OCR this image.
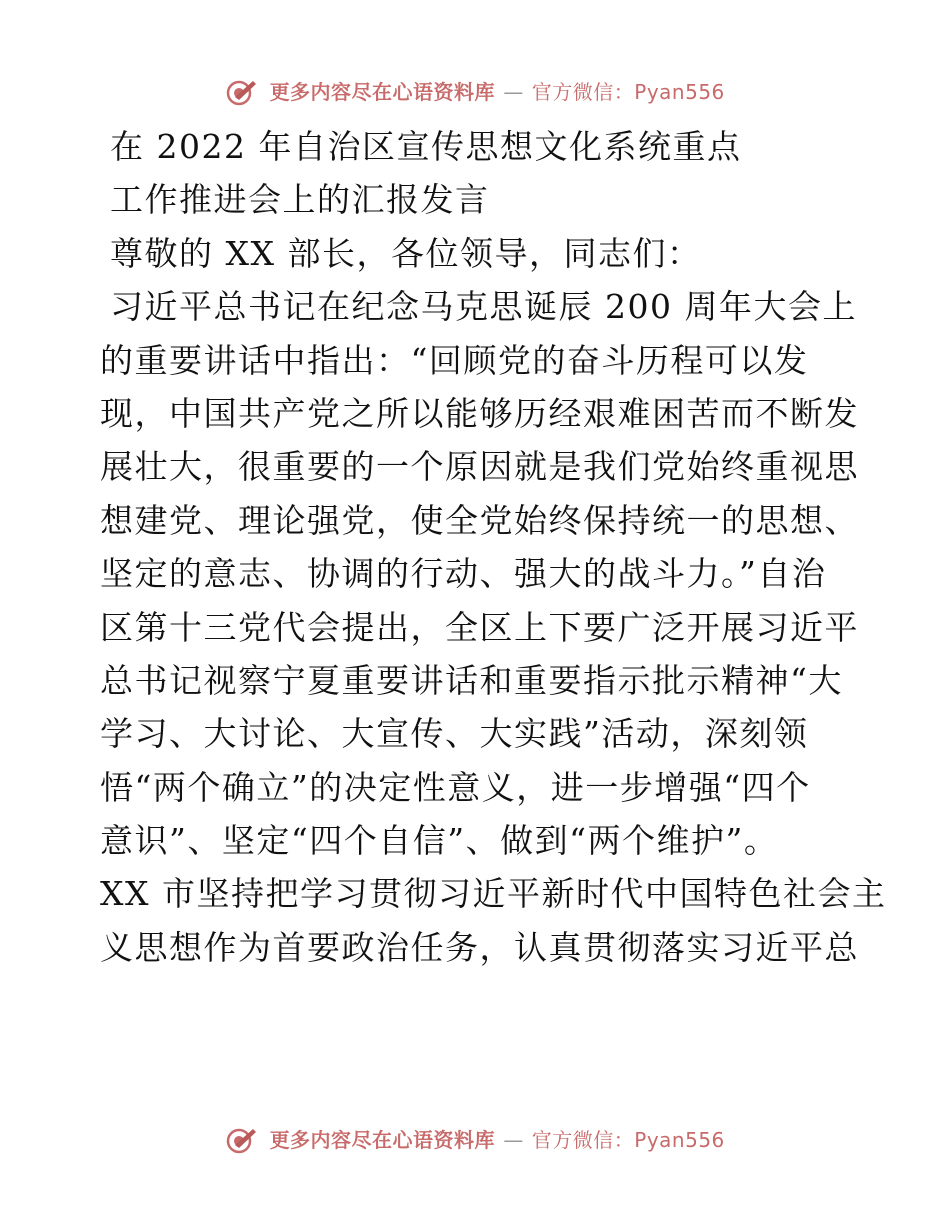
更多内容尽在心语资料库 — 官方微信：Pyan556
在 2022 年自治区宣传思想文化系统重点
工作推进会上的汇报发言
尊敬的 XX 部长，各位领导，同志们：
习近平总书记在纪念马克思诞辰 200 周年大会上
的重要讲话中指出：“回顾党的奋斗历程可以发
现，中国共产党之所以能够历经艰难困苦而不断发
展壮大，很重要的一个原因就是我们党始终重视思
想建党、理论强党，使全党始终保持统一的思想、
坚定的意志、协调的行动、强大的战斗力。”自治
区第十三党代会提出，全区上下要广泛开展习近平
总书记视察宁夏重要讲话和重要指示批示精神“大
学习、大讨论、大宣传、大实践”活动，深刻领
悟“两个确立”的决定性意义，进一步增强“四个
意识”、坚定“四个自信”、做到“两个维护”。
XX 市坚持把学习贯彻习近平新时代中国特色社会主
义思想作为首要政治任务，认真贯彻落实习近平总
更多内容尽在心语资料库 — 官方微信：Pyan556
